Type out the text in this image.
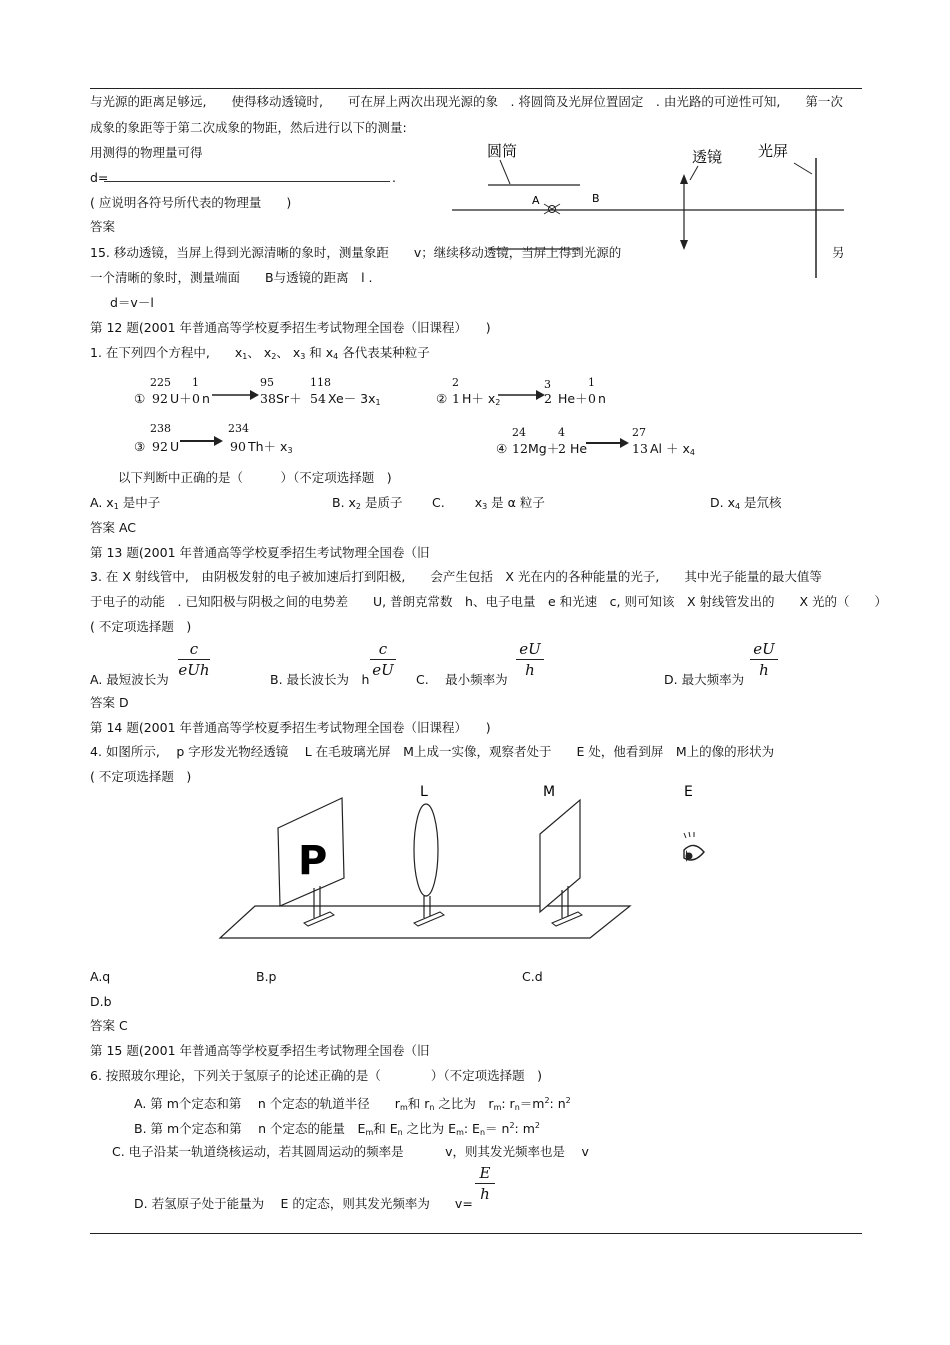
与光源的距离足够远,　　使得移动透镜时,　　可在屏上两次出现光源的象　. 将圆筒及光屏位置固定　. 由光路的可逆性可知,　　第一次
成象的象距等于第二次成象的物距，然后进行以下的测量:
用测得的物理量可得
d=	.
( 应说明各符号所代表的物理量　　)
答案
15. 移动透镜，当屏上得到光源清晰的象时，测量象距　　v；继续移动透镜，当屏上得到光源的	另
一个清晰的象时，测量端面　　B与透镜的距离　l .
d＝v－l
圆筒	透镜 光屏
A	B
第 12 题(2001 年普通高等学校夏季招生考试物理全国卷（旧课程）　　)
1. 在下列四个方程中,　　$x_1$、 $x_2$、 $x_3$ 和 $x_4$ 各代表某种粒子
①
225
92 U＋
1
0 n →
95
38 Sr＋
118
54 $Xe- 3x_1$	②
2
1 $H+ x_2$
3
2 He＋
1
0 n
③
238
92 U →
234
90 $Th+ x_3$	④
24
12 Mg＋
4
2 He
27
13 $Al + x_4$
以下判断中正确的是（　　　）（不定项选择题　)
A. $x_1$ 是中子	B. $x_2$ 是质子 C. $x_3$ 是 α 粒子	D. $x_4$ 是氘核
答案 AC
第 13 题(2001 年普通高等学校夏季招生考试物理全国卷（旧
3. 在 X 射线管中,　由阴极发射的电子被加速后打到阳极,　　会产生包括　X 光在内的各种能量的光子,　　其中光子能量的最大值等
于电子的动能　. 已知阳极与阴极之间的电势差　　U, 普朗克常数　h、电子电量　e 和光速　c, 则可知该　X 射线管发出的　　X 光的（　　）
( 不定项选择题　)
A. 最短波长为
c
eUh
B. 最长波长为　h
$\frac{c}{eU}$
C.　 最小频率为
$\frac{eU}{h}$
D. 最大频率为
$\frac{eU}{h}$
答案 D
第 14 题(2001 年普通高等学校夏季招生考试物理全国卷（旧课程）　　)
4. 如图所示,　 p 字形发光物经透镜　 L 在毛玻璃光屏　M上成一实像，观察者处于　　E 处，他看到屏　M上的像的形状为
( 不定项选择题　)
L	M	E
P
A.q	B.p	C.d
D.b
答案 C
第 15 题(2001 年普通高等学校夏季招生考试物理全国卷（旧
6. 按照玻尔理论，下列关于氢原子的论述正确的是（　　　　）（不定项选择题　)
A. 第 m个定态和第　 n 个定态的轨道半径　　$r_m$和 $r_n$ 之比为　$r_m$: $r_n=m^2$: $n^2$
B. 第 m个定态和第　 n 个定态的能量　$E_m$和 $E_n$ 之比为 $E_m$: $E_n= n^2$: $m^2$
C. 电子沿某一轨道绕核运动，若其圆周运动的频率是　　　 v，则其发光频率也是　 v
D. 若氢原子处于能量为　 E 的定态，则其发光频率为　　v=
$\frac{E}{h}$
